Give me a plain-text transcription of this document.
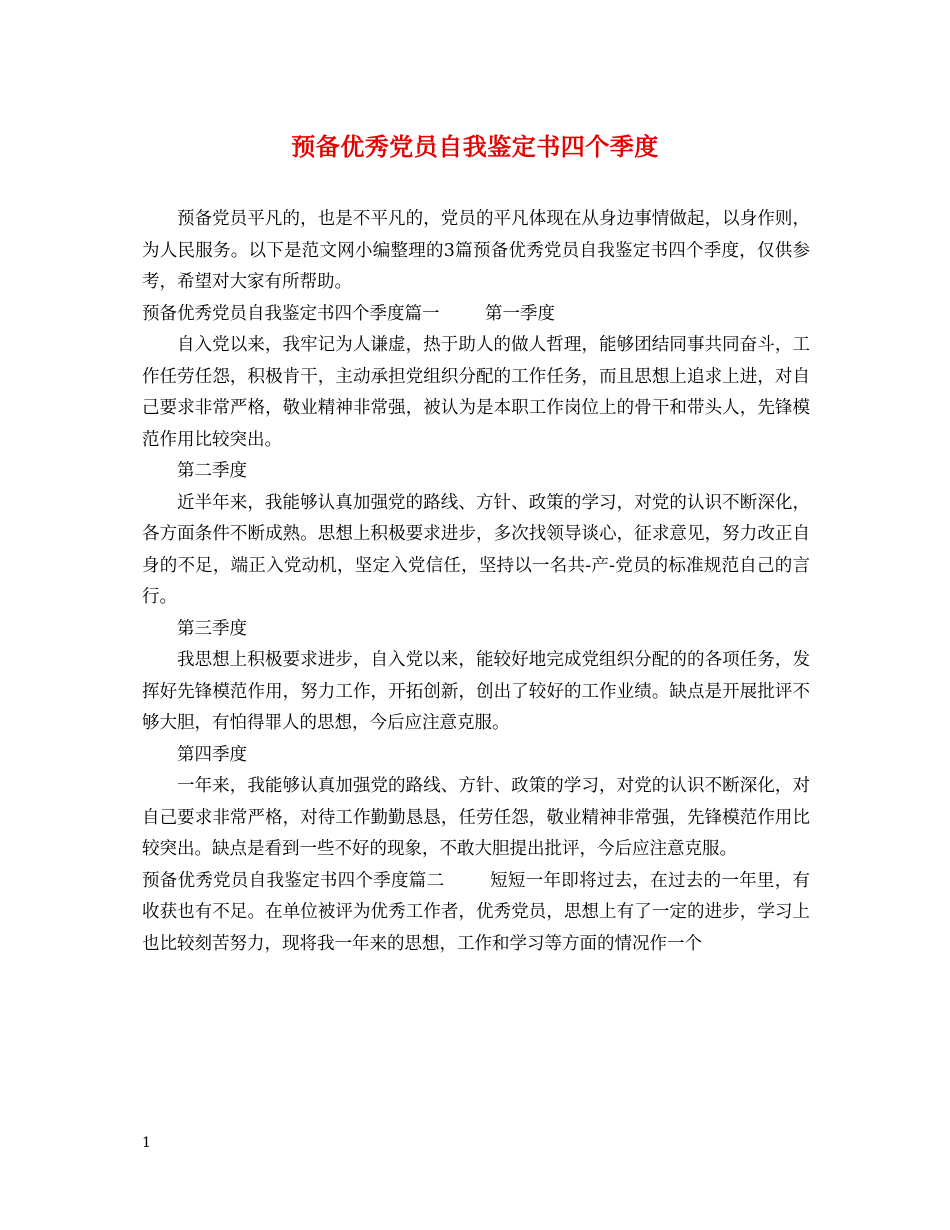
预备优秀党员自我鉴定书四个季度

预备党员平凡的，也是不平凡的，党员的平凡体现在从身边事情做起，以身作则，为人民服务。以下是范文网小编整理的3篇预备优秀党员自我鉴定书四个季度，仅供参考，希望对大家有所帮助。

预备优秀党员自我鉴定书四个季度篇一	第一季度

自入党以来，我牢记为人谦虚，热于助人的做人哲理，能够团结同事共同奋斗，工作任劳任怨，积极肯干，主动承担党组织分配的工作任务，而且思想上追求上进，对自己要求非常严格，敬业精神非常强，被认为是本职工作岗位上的骨干和带头人，先锋模范作用比较突出。

第二季度

近半年来，我能够认真加强党的路线、方针、政策的学习，对党的认识不断深化，各方面条件不断成熟。思想上积极要求进步，多次找领导谈心，征求意见，努力改正自身的不足，端正入党动机，坚定入党信任，坚持以一名共-产-党员的标准规范自己的言行。

第三季度

我思想上积极要求进步，自入党以来，能较好地完成党组织分配的的各项任务，发挥好先锋模范作用，努力工作，开拓创新，创出了较好的工作业绩。缺点是开展批评不够大胆，有怕得罪人的思想，今后应注意克服。

第四季度

一年来，我能够认真加强党的路线、方针、政策的学习，对党的认识不断深化，对自己要求非常严格，对待工作勤勤恳恳，任劳任怨，敬业精神非常强，先锋模范作用比较突出。缺点是看到一些不好的现象，不敢大胆提出批评，今后应注意克服。

预备优秀党员自我鉴定书四个季度篇二	短短一年即将过去，在过去的一年里，有收获也有不足。在单位被评为优秀工作者，优秀党员，思想上有了一定的进步，学习上也比较刻苦努力，现将我一年来的思想，工作和学习等方面的情况作一个

1
